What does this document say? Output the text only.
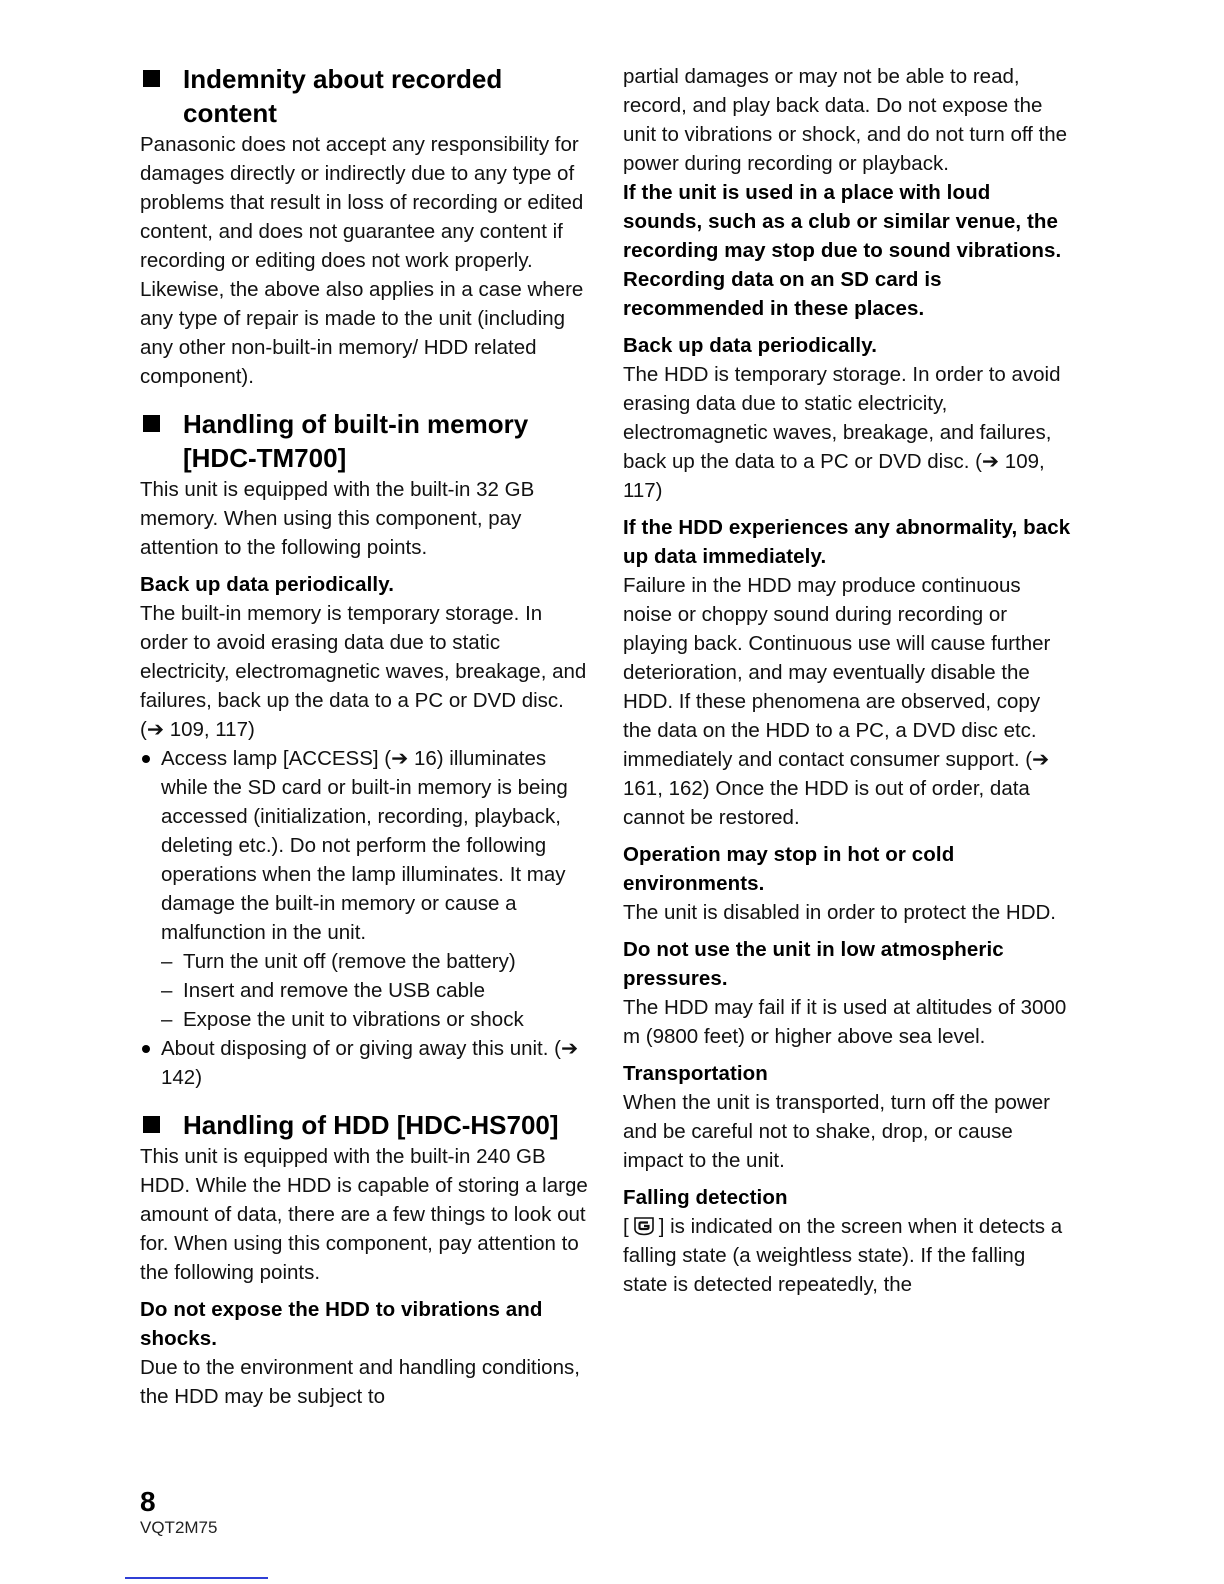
Indemnity about recorded content

Panasonic does not accept any responsibility for damages directly or indirectly due to any type of problems that result in loss of recording or edited content, and does not guarantee any content if recording or editing does not work properly. Likewise, the above also applies in a case where any type of repair is made to the unit (including any other non-built-in memory/ HDD related component).

Handling of built-in memory [HDC-TM700]

This unit is equipped with the built-in 32 GB memory. When using this component, pay attention to the following points.

Back up data periodically.

The built-in memory is temporary storage. In order to avoid erasing data due to static electricity, electromagnetic waves, breakage, and failures, back up the data to a PC or DVD disc. (➔ 109, 117)

Access lamp [ACCESS] (➔ 16) illuminates while the SD card or built-in memory is being accessed (initialization, recording, playback, deleting etc.). Do not perform the following operations when the lamp illuminates. It may damage the built-in memory or cause a malfunction in the unit.

– Turn the unit off (remove the battery)

– Insert and remove the USB cable

– Expose the unit to vibrations or shock

About disposing of or giving away this unit. (➔ 142)

Handling of HDD [HDC-HS700]

This unit is equipped with the built-in 240 GB HDD. While the HDD is capable of storing a large amount of data, there are a few things to look out for. When using this component, pay attention to the following points.

Do not expose the HDD to vibrations and shocks.

Due to the environment and handling conditions, the HDD may be subject to

partial damages or may not be able to read, record, and play back data. Do not expose the unit to vibrations or shock, and do not turn off the power during recording or playback.

If the unit is used in a place with loud sounds, such as a club or similar venue, the recording may stop due to sound vibrations. Recording data on an SD card is recommended in these places.

Back up data periodically.

The HDD is temporary storage. In order to avoid erasing data due to static electricity, electromagnetic waves, breakage, and failures, back up the data to a PC or DVD disc. (➔ 109, 117)

If the HDD experiences any abnormality, back up data immediately.

Failure in the HDD may produce continuous noise or choppy sound during recording or playing back. Continuous use will cause further deterioration, and may eventually disable the HDD. If these phenomena are observed, copy the data on the HDD to a PC, a DVD disc etc. immediately and contact consumer support. (➔ 161, 162) Once the HDD is out of order, data cannot be restored.

Operation may stop in hot or cold environments.

The unit is disabled in order to protect the HDD.

Do not use the unit in low atmospheric pressures.

The HDD may fail if it is used at altitudes of 3000 m (9800 feet) or higher above sea level.

Transportation

When the unit is transported, turn off the power and be careful not to shake, drop, or cause impact to the unit.

Falling detection

[ ] is indicated on the screen when it detects a falling state (a weightless state). If the falling state is detected repeatedly, the

8
VQT2M75
